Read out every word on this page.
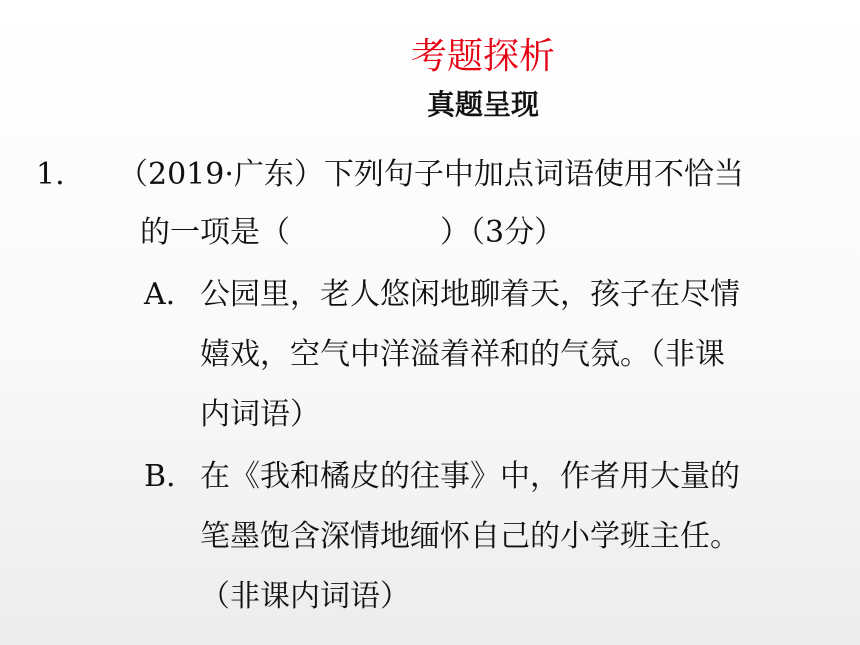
考题探析
真题呈现
1. （2019·广东）下列句子中加点词语使用不恰当
的一项是（　　　　　）（3分）
A. 公园里，老人悠闲地聊着天，孩子在尽情
嬉戏，空气中洋溢着祥和的气氛。（非课
内词语）
B. 在《我和橘皮的往事》中，作者用大量的
笔墨饱含深情地缅怀自己的小学班主任。
（非课内词语）
